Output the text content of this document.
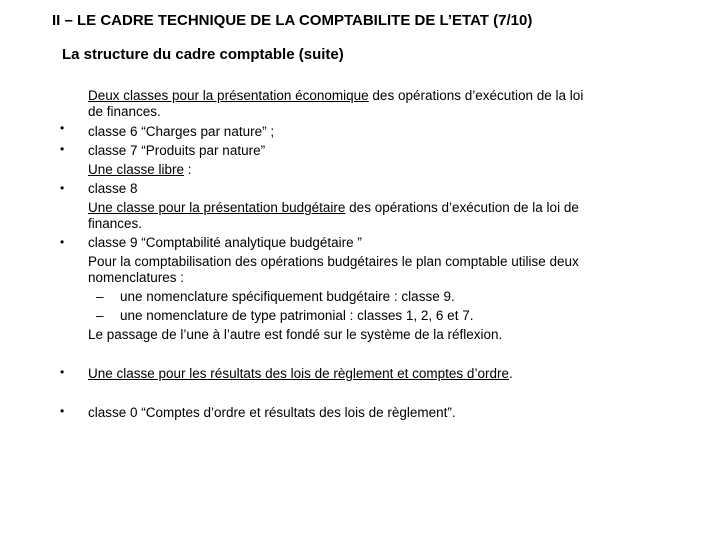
II – LE CADRE TECHNIQUE DE LA COMPTABILITE DE L’ETAT (7/10)
La structure du cadre comptable (suite)
•
•
•
•
•
•
Deux classes pour la présentation économique des opérations d’exécution de la loi
de finances.
classe 6 “Charges par nature” ;
classe 7 “Produits par nature”
Une classe libre :
classe 8
Une classe pour la présentation budgétaire des opérations d’exécution de la loi de
finances.
classe 9 “Comptabilité analytique budgétaire ”
Pour la comptabilisation des opérations budgétaires le plan comptable utilise deux
nomenclatures :
– une nomenclature spécifiquement budgétaire : classe 9.
– une nomenclature de type patrimonial : classes 1, 2, 6 et 7.
Le passage de l’une à l’autre est fondé sur le système de la réflexion.
Une classe pour les résultats des lois de règlement et comptes d’ordre.
classe 0 “Comptes d’ordre et résultats des lois de règlement”.
